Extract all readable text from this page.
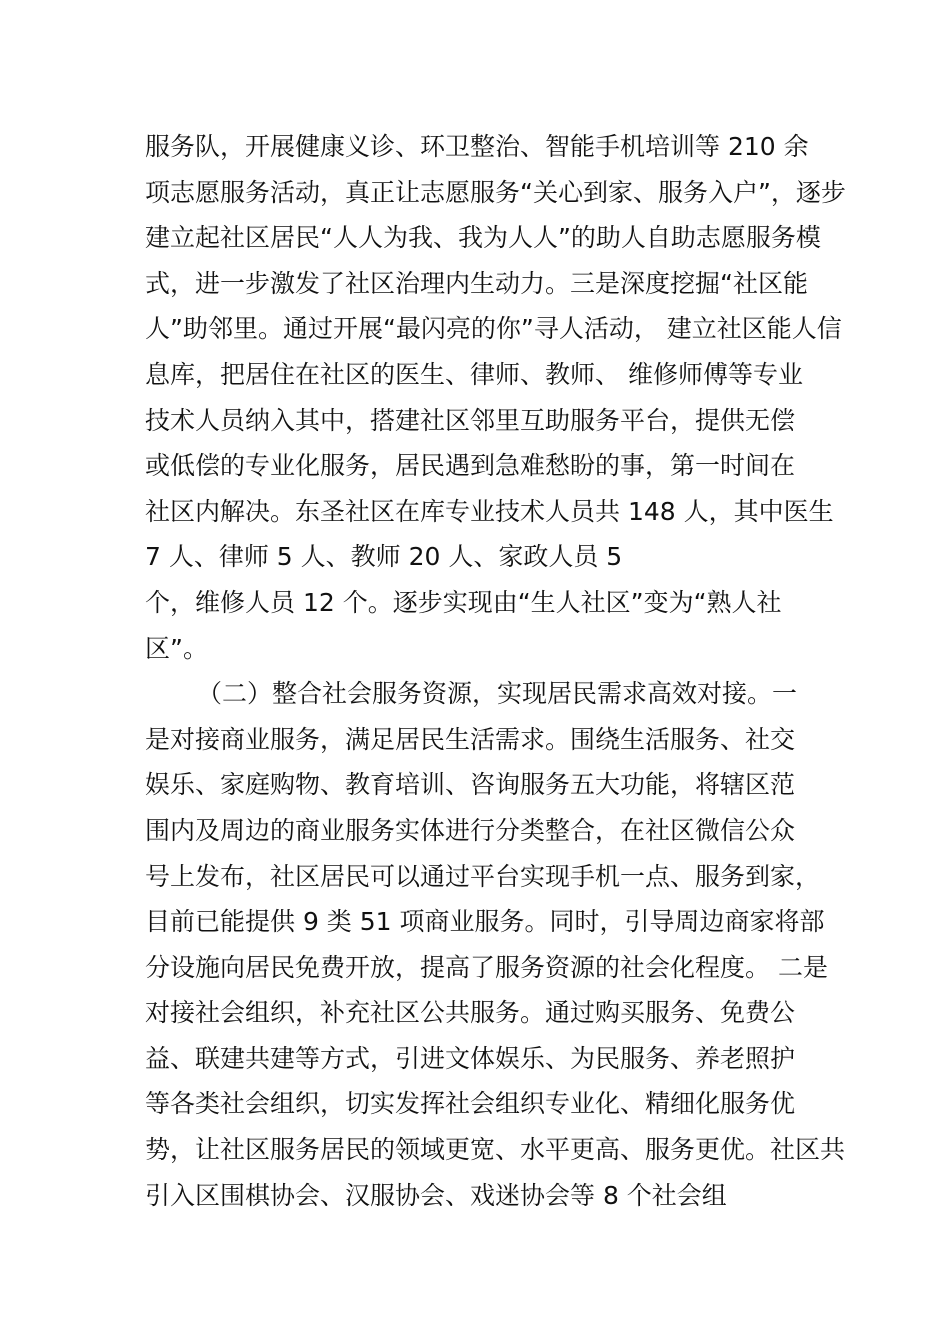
服务队，开展健康义诊、环卫整治、智能手机培训等 210 余
项志愿服务活动，真正让志愿服务“关心到家、服务入户”，逐步
建立起社区居民“人人为我、我为人人”的助人自助志愿服务模
式，进一步激发了社区治理内生动力。三是深度挖掘“社区能
人”助邻里。通过开展“最闪亮的你”寻人活动， 建立社区能人信
息库，把居住在社区的医生、律师、教师、 维修师傅等专业
技术人员纳入其中，搭建社区邻里互助服务平台，提供无偿
或低偿的专业化服务，居民遇到急难愁盼的事，第一时间在
社区内解决。东圣社区在库专业技术人员共 148 人，其中医生
7 人、律师 5 人、教师 20 人、家政人员 5
个，维修人员 12 个。逐步实现由“生人社区”变为“熟人社
区”。
（二）整合社会服务资源，实现居民需求高效对接。一
是对接商业服务，满足居民生活需求。围绕生活服务、社交
娱乐、家庭购物、教育培训、咨询服务五大功能，将辖区范
围内及周边的商业服务实体进行分类整合，在社区微信公众
号上发布，社区居民可以通过平台实现手机一点、服务到家，
目前已能提供 9 类 51 项商业服务。同时，引导周边商家将部
分设施向居民免费开放，提高了服务资源的社会化程度。 二是
对接社会组织，补充社区公共服务。通过购买服务、免费公
益、联建共建等方式，引进文体娱乐、为民服务、养老照护
等各类社会组织，切实发挥社会组织专业化、精细化服务优
势，让社区服务居民的领域更宽、水平更高、服务更优。社区共
引入区围棋协会、汉服协会、戏迷协会等 8 个社会组
